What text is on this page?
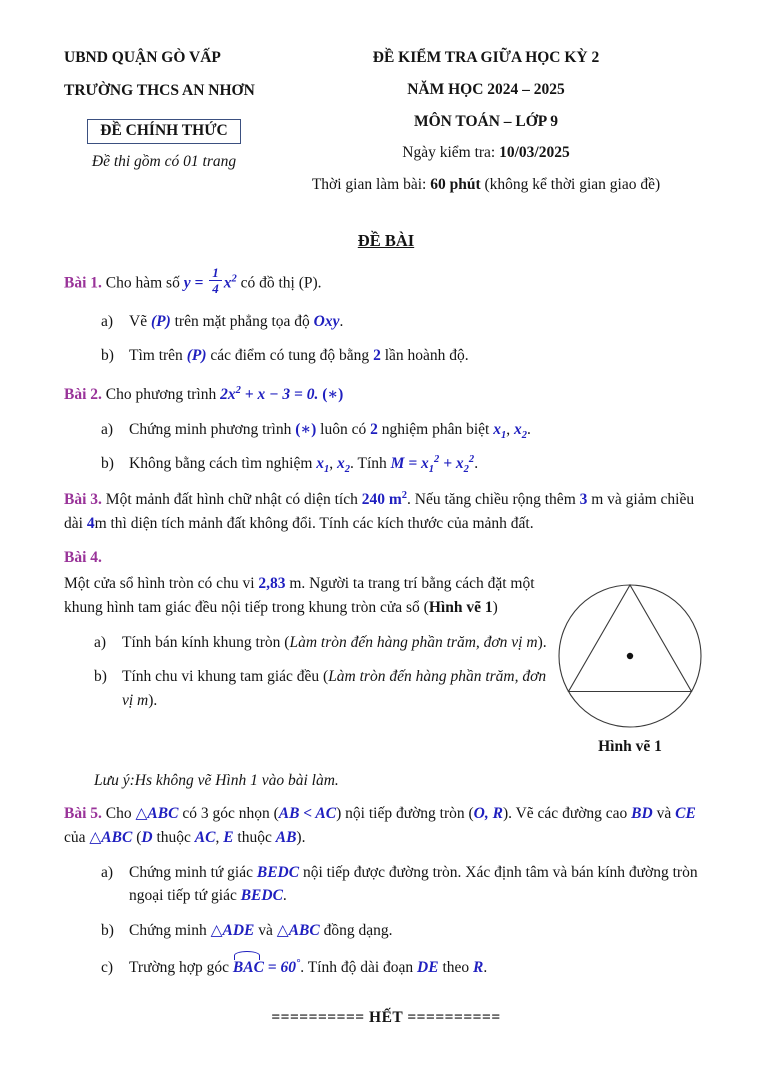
UBND QUẬN GÒ VẤP
TRƯỜNG THCS AN NHƠN
ĐỀ CHÍNH THỨC
Đề thi gồm có 01 trang
ĐỀ KIỂM TRA GIỮA HỌC KỲ 2
NĂM HỌC 2024 – 2025
MÔN TOÁN – LỚP 9
Ngày kiểm tra: 10/03/2025
Thời gian làm bài: 60 phút (không kể thời gian giao đề)
ĐỀ BÀI
Bài 1. Cho hàm số $y = \frac{1}{4} x^2$ có đồ thị (P).
a)	Vẽ (P) trên mặt phẳng tọa độ Oxy.
b) Tìm trên (P) các điểm có tung độ bằng 2 lần hoành độ.
Bài 2. Cho phương trình $2x^2 + x - 3 = 0$. (∗)
a)	Chứng minh phương trình (∗) luôn có 2 nghiệm phân biệt $x_1$, $x_2$.
b) Không bằng cách tìm nghiệm $x_1$, $x_2$. Tính $M = x_1^2 + x_2^2$.
Bài 3. Một mảnh đất hình chữ nhật có diện tích 240 $m^2$. Nếu tăng chiều rộng thêm 3 m và giảm chiều dài 4m thì diện tích mảnh đất không đổi. Tính các kích thước của mảnh đất.
Bài 4.
Một cửa sổ hình tròn có chu vi 2,83 m. Người ta trang trí bằng cách đặt một khung hình tam giác đều nội tiếp trong khung tròn cửa sổ (Hình vẽ 1)
a)	Tính bán kính khung tròn (Làm tròn đến hàng phần trăm, đơn vị m).
b) Tính chu vi khung tam giác đều (Làm tròn đến hàng phần trăm, đơn vị m).
Hình vẽ 1
Lưu ý:Hs không vẽ Hình 1 vào bài làm.
Bài 5. Cho △ABC có 3 góc nhọn (AB < AC) nội tiếp đường tròn (O, R). Vẽ các đường cao BD và CE của △ABC (D thuộc AC, E thuộc AB).
a)	Chứng minh tứ giác BEDC nội tiếp được đường tròn. Xác định tâm và bán kính đường tròn ngoại tiếp tứ giác BEDC.
b) Chứng minh △ADE và △ABC đồng dạng.
c)	Trường hợp góc BAC = 60°. Tính độ dài đoạn DE theo R.
========== HẾT ==========
